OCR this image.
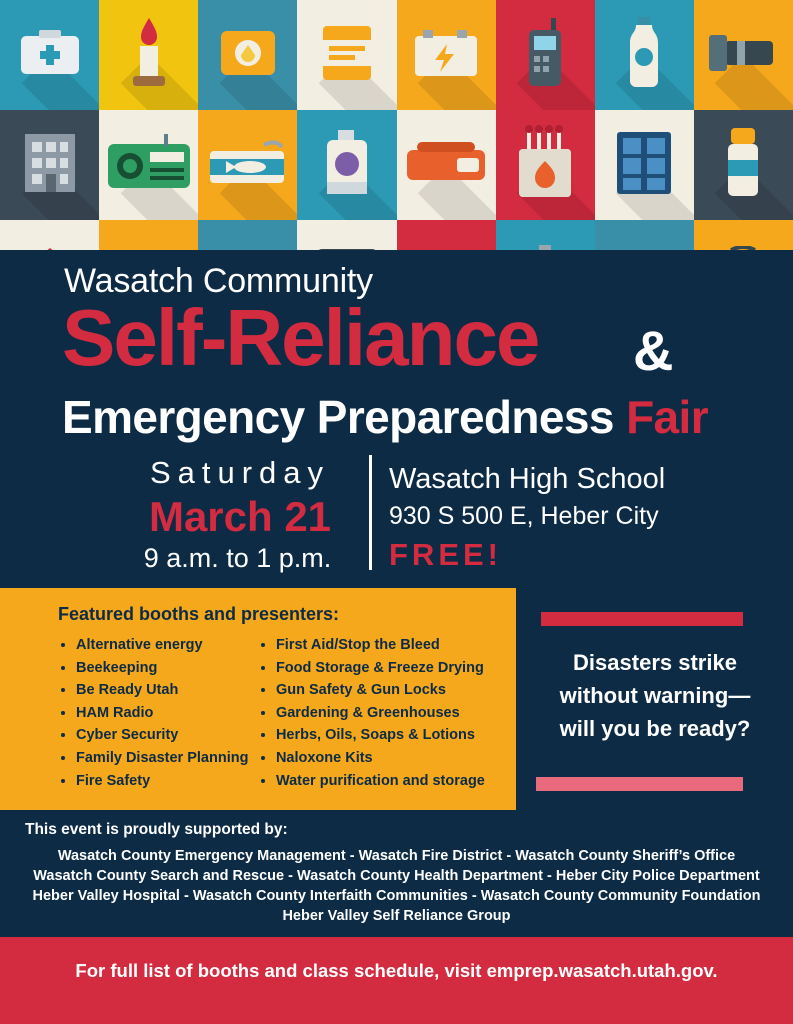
Wasatch Community
Self-Reliance &
Emergency Preparedness Fair
Saturday
March 21
9 a.m. to 1 p.m.
Wasatch High School
930 S 500 E, Heber City
FREE!
Featured booths and presenters:
• Alternative energy
• Beekeeping
• Be Ready Utah
• HAM Radio
• Cyber Security
• Family Disaster Planning
• Fire Safety
• First Aid/Stop the Bleed
• Food Storage & Freeze Drying
• Gun Safety & Gun Locks
• Gardening & Greenhouses
• Herbs, Oils, Soaps & Lotions
• Naloxone Kits
• Water purification and storage
Disasters strike
without warning—
will you be ready?
This event is proudly supported by:
Wasatch County Emergency Management - Wasatch Fire District - Wasatch County Sheriff’s Office
Wasatch County Search and Rescue - Wasatch County Health Department - Heber City Police Department
Heber Valley Hospital - Wasatch County Interfaith Communities - Wasatch County Community Foundation
Heber Valley Self Reliance Group
For full list of booths and class schedule, visit emprep.wasatch.utah.gov.
